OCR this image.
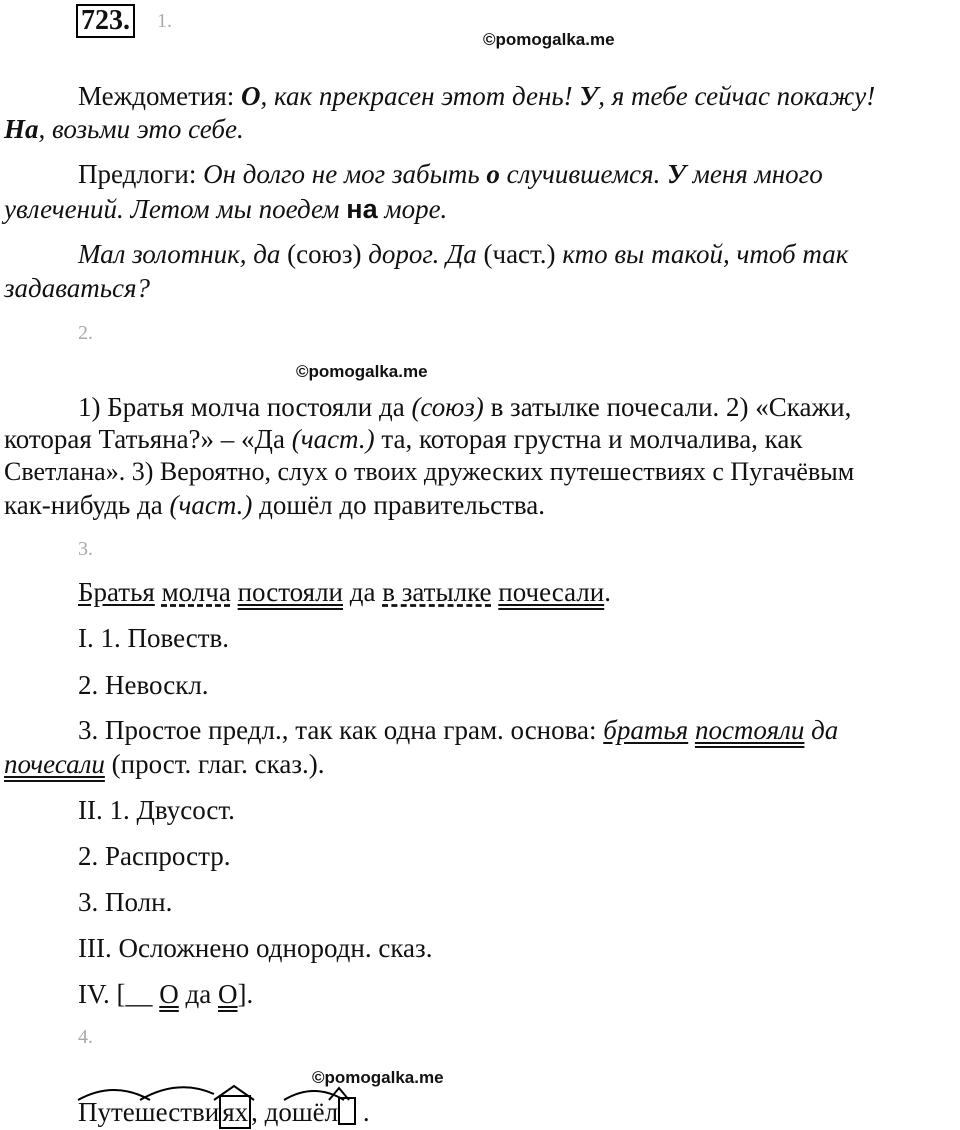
723. 1.
©pomogalka.me
Междометия: О, как прекрасен этот день! У, я тебе сейчас покажу!
На, возьми это себе.
Предлоги: Он долго не мог забыть о случившемся. У меня много
увлечений. Летом мы поедем на море.
Мал золотник, да (союз) дорог. Да (част.) кто вы такой, чтоб так
задаваться?
2.
©pomogalka.me
1) Братья молча постояли да (союз) в затылке почесали. 2) «Скажи,
которая Татьяна?» – «Да (част.) та, которая грустна и молчалива, как
Светлана». 3) Вероятно, слух о твоих дружеских путешествиях с Пугачёвым
как-нибудь да (част.) дошёл до правительства.
3.
Братья молча постояли да в затылке почесали.
I. 1. Повеств.
2. Невоскл.
3. Простое предл., так как одна грам. основа: братья постояли да
почесали (прост. глаг. сказ.).
II. 1. Двусост.
2. Распростр.
3. Полн.
III. Осложнено однородн. сказ.
IV. [__ О да О].
4.
©pomogalka.me
Путешестви ях , дошёл .
